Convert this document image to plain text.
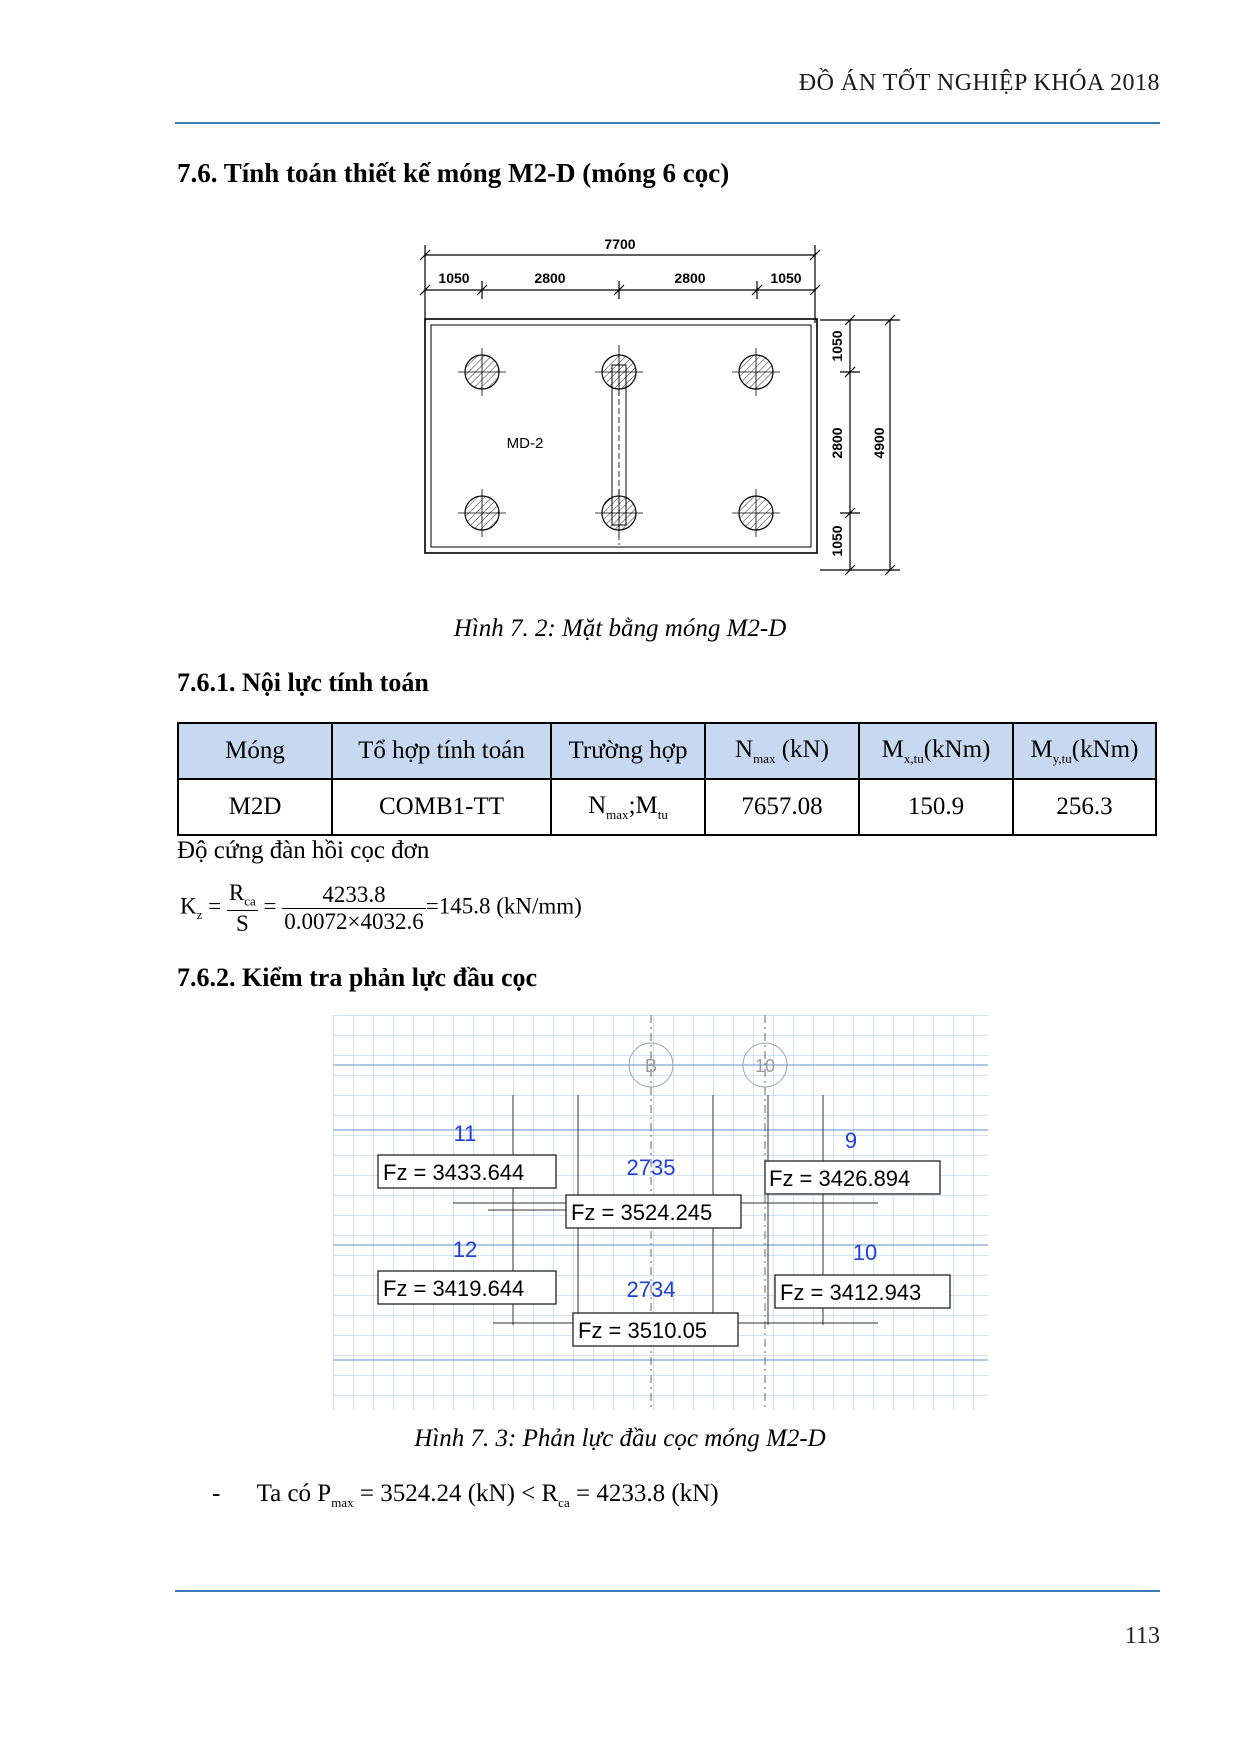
ĐỒ ÁN TỐT NGHIỆP KHÓA 2018
7.6. Tính toán thiết kế móng M2-D (móng 6 cọc)
7700
1050	2800	2800	1050
1050
2800
1050
4900
MD-2
Hình 7. 2: Mặt bằng móng M2-D
7.6.1. Nội lực tính toán
Móng	Tổ hợp tính toán	Trường hợp	$N_{max}$ (kN)	$M_{x,tu}(kNm)$	$M_{y,tu}(kNm)$
M2D	COMB1-TT	$N_{max};M_{tu}$	7657.08	150.9	256.3
Độ cứng đàn hồi cọc đơn
$K_z = \frac{R_{ca}}{S} = \frac{4233.8}{0.0072\times 4032.6} =145.8$ (kN/mm)
7.6.2. Kiểm tra phản lực đầu cọc
B	10
11
2735
9
12
2734
10
Fz = 3433.644
Fz = 3524.245
Fz = 3426.894
Fz = 3419.644
Fz = 3510.05
Fz = 3412.943
Hình 7. 3: Phản lực đầu cọc móng M2-D
- Ta có $P_{max} = 3524.24$ $(kN) < R_{ca} = 4233.8$ (kN)
113
